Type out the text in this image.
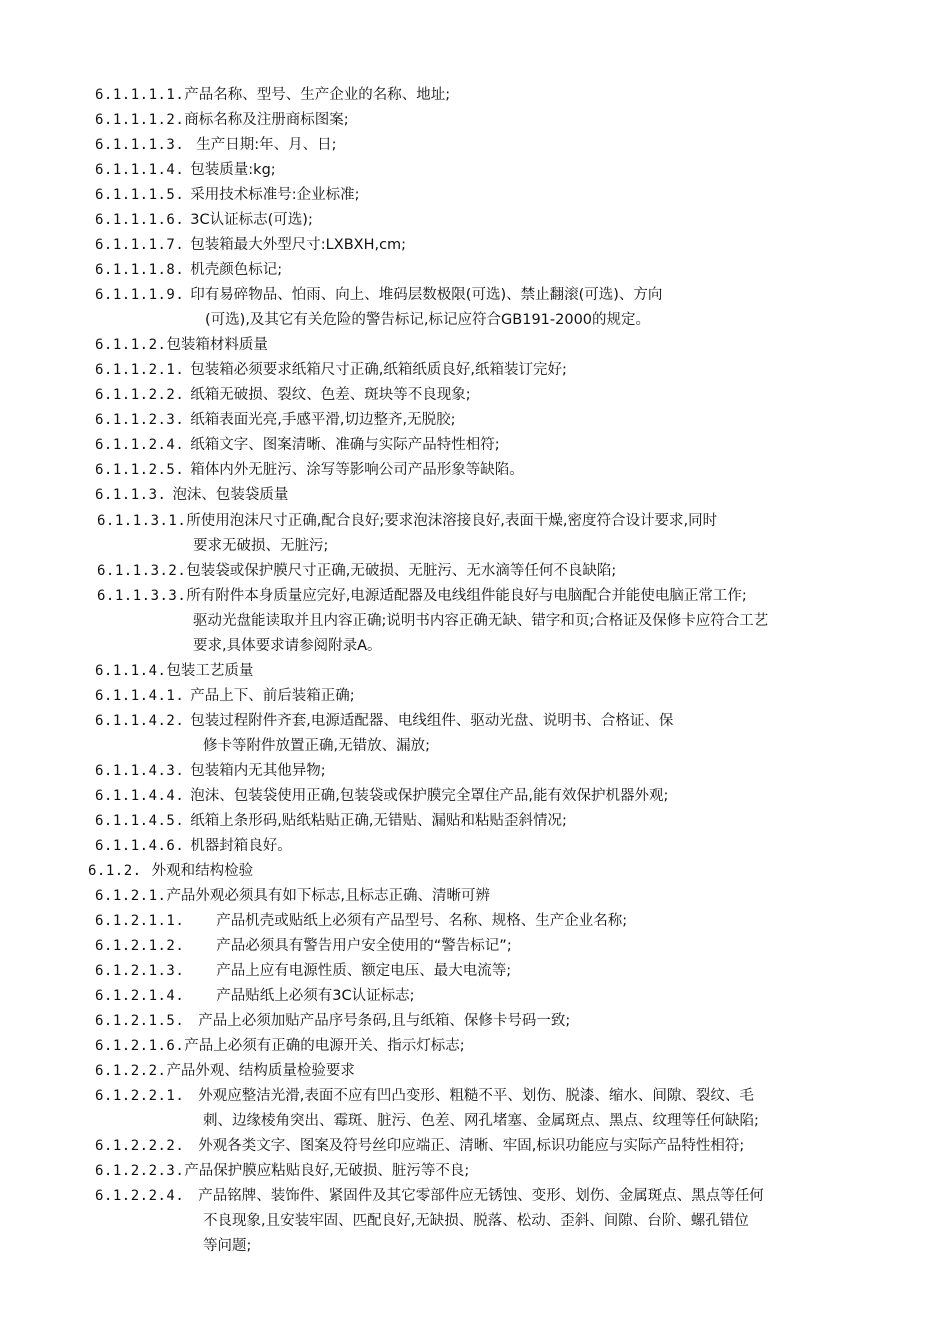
6.1.1.1.1.产品名称、型号、生产企业的名称、地址;
6.1.1.1.2.商标名称及注册商标图案;
6.1.1.1.3. 生产日期:年、月、日;
6.1.1.1.4. 包装质量:kg;
6.1.1.1.5. 采用技术标准号:企业标准;
6.1.1.1.6. 3C认证标志(可选);
6.1.1.1.7. 包装箱最大外型尺寸:LXBXH,cm;
6.1.1.1.8. 机壳颜色标记;
6.1.1.1.9. 印有易碎物品、怕雨、向上、堆码层数极限(可选)、禁止翻滚(可选)、方向
(可选),及其它有关危险的警告标记,标记应符合GB191-2000的规定。
6.1.1.2.包装箱材料质量
6.1.1.2.1. 包装箱必须要求纸箱尺寸正确,纸箱纸质良好,纸箱装订完好;
6.1.1.2.2. 纸箱无破损、裂纹、色差、斑块等不良现象;
6.1.1.2.3. 纸箱表面光亮,手感平滑,切边整齐,无脱胶;
6.1.1.2.4. 纸箱文字、图案清晰、准确与实际产品特性相符;
6.1.1.2.5. 箱体内外无脏污、涂写等影响公司产品形象等缺陷。
6.1.1.3. 泡沫、包装袋质量
6.1.1.3.1.所使用泡沫尺寸正确,配合良好;要求泡沫溶接良好,表面干燥,密度符合设计要求,同时
要求无破损、无脏污;
6.1.1.3.2.包装袋或保护膜尺寸正确,无破损、无脏污、无水滴等任何不良缺陷;
6.1.1.3.3.所有附件本身质量应完好,电源适配器及电线组件能良好与电脑配合并能使电脑正常工作;
驱动光盘能读取并且内容正确;说明书内容正确无缺、错字和页;合格证及保修卡应符合工艺
要求,具体要求请参阅附录A。
6.1.1.4.包装工艺质量
6.1.1.4.1. 产品上下、前后装箱正确;
6.1.1.4.2. 包装过程附件齐套,电源适配器、电线组件、驱动光盘、说明书、合格证、保
修卡等附件放置正确,无错放、漏放;
6.1.1.4.3. 包装箱内无其他异物;
6.1.1.4.4. 泡沫、包装袋使用正确,包装袋或保护膜完全罩住产品,能有效保护机器外观;
6.1.1.4.5. 纸箱上条形码,贴纸粘贴正确,无错贴、漏贴和粘贴歪斜情况;
6.1.1.4.6. 机器封箱良好。
6.1.2. 外观和结构检验
6.1.2.1.产品外观必须具有如下标志,且标志正确、清晰可辨
6.1.2.1.1. 产品机壳或贴纸上必须有产品型号、名称、规格、生产企业名称;
6.1.2.1.2. 产品必须具有警告用户安全使用的“警告标记”;
6.1.2.1.3. 产品上应有电源性质、额定电压、最大电流等;
6.1.2.1.4. 产品贴纸上必须有3C认证标志;
6.1.2.1.5. 产品上必须加贴产品序号条码,且与纸箱、保修卡号码一致;
6.1.2.1.6.产品上必须有正确的电源开关、指示灯标志;
6.1.2.2.产品外观、结构质量检验要求
6.1.2.2.1. 外观应整洁光滑,表面不应有凹凸变形、粗糙不平、划伤、脱漆、缩水、间隙、裂纹、毛
刺、边缘棱角突出、霉斑、脏污、色差、网孔堵塞、金属斑点、黑点、纹理等任何缺陷;
6.1.2.2.2. 外观各类文字、图案及符号丝印应端正、清晰、牢固,标识功能应与实际产品特性相符;
6.1.2.2.3.产品保护膜应粘贴良好,无破损、脏污等不良;
6.1.2.2.4. 产品铭牌、装饰件、紧固件及其它零部件应无锈蚀、变形、划伤、金属斑点、黑点等任何
不良现象,且安装牢固、匹配良好,无缺损、脱落、松动、歪斜、间隙、台阶、螺孔错位
等问题;
